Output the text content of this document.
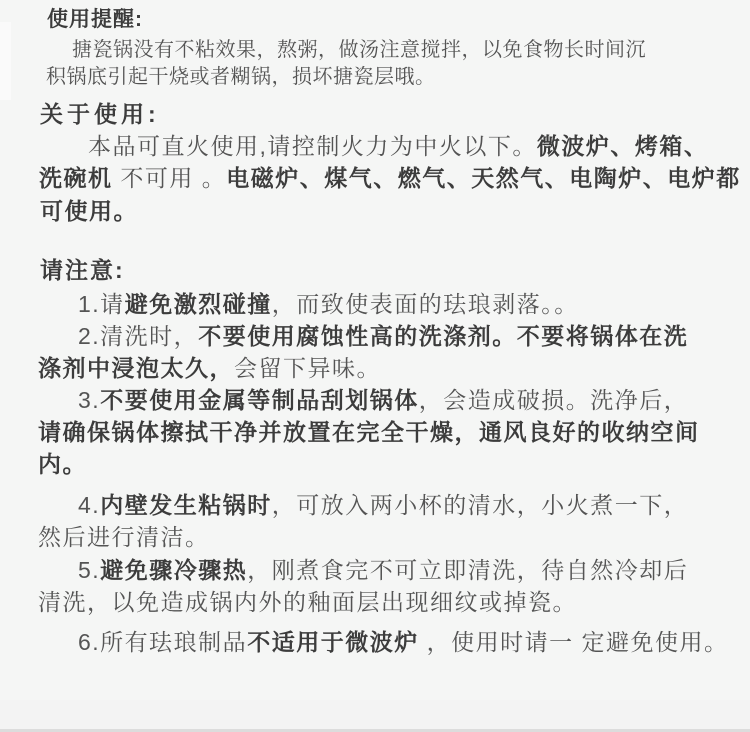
使用提醒:
搪瓷锅没有不粘效果，熬粥，做汤注意搅拌，以免食物长时间沉
积锅底引起干烧或者糊锅，损坏搪瓷层哦。
关于使用:
本品可直火使用,请控制火力为中火以下。微波炉、烤箱、
洗碗机 不可用 。电磁炉、煤气、燃气、天然气、电陶炉、电炉都
可使用。
请注意:
1.请避免激烈碰撞，而致使表面的珐琅剥落。。
2.清洗时，不要使用腐蚀性高的洗涤剂。不要将锅体在洗
涤剂中浸泡太久，会留下异味。
3.不要使用金属等制品刮划锅体，会造成破损。洗净后，
请确保锅体擦拭干净并放置在完全干燥，通风良好的收纳空间
内。
4.内壁发生粘锅时，可放入两小杯的清水，小火煮一下，
然后进行清洁。
5.避免骤冷骤热，刚煮食完不可立即清洗，待自然冷却后
清洗，以免造成锅内外的釉面层出现细纹或掉瓷。
6.所有珐琅制品不适用于微波炉 ，使用时请一 定避免使用。
